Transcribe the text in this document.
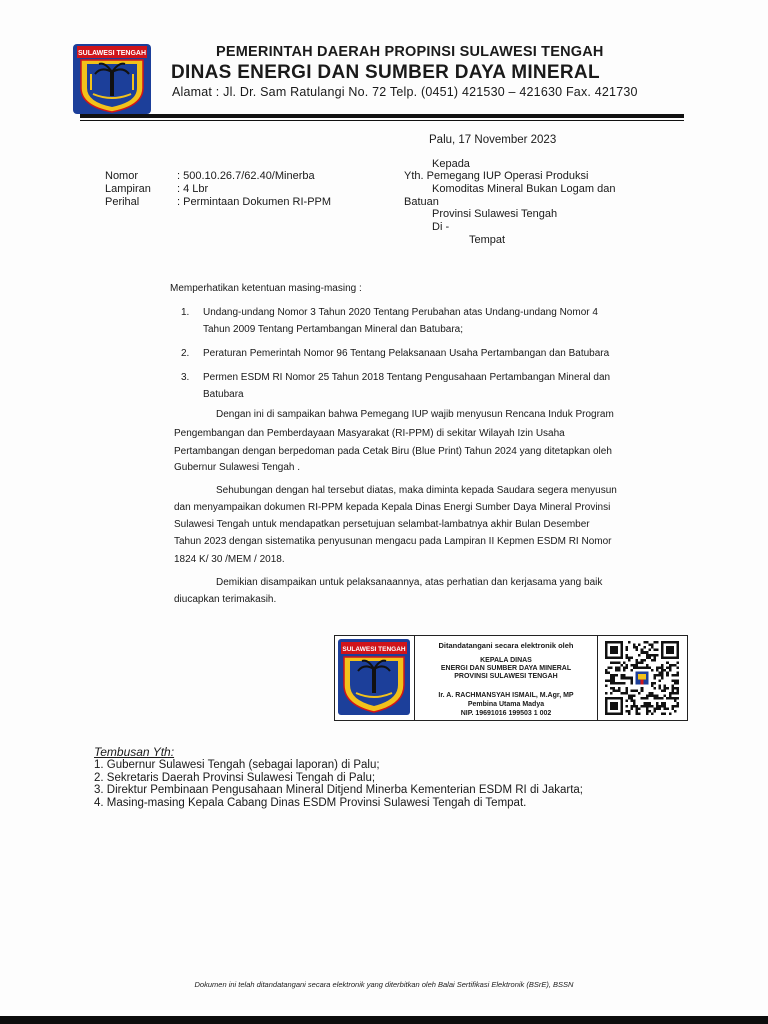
SULAWESI TENGAH	PEMERINTAH DAERAH PROPINSI SULAWESI TENGAH
DINAS ENERGI DAN SUMBER DAYA MINERAL
Alamat : Jl. Dr. Sam Ratulangi No. 72 Telp. (0451) 421530 – 421630 Fax. 421730
Palu, 17 November 2023
Nomor	: 500.10.26.7/62.40/Minerba
Lampiran : 4 Lbr
Perihal	: Permintaan Dokumen RI-PPM
Kepada
Yth. Pemegang IUP Operasi Produksi
Komoditas Mineral Bukan Logam dan
Batuan
Provinsi Sulawesi Tengah
Di -
Tempat
Memperhatikan ketentuan masing-masing :
1. Undang-undang Nomor 3 Tahun 2020 Tentang Perubahan atas Undang-undang Nomor 4
Tahun 2009 Tentang Pertambangan Mineral dan Batubara;
2. Peraturan Pemerintah Nomor 96 Tentang Pelaksanaan Usaha Pertambangan dan Batubara
3. Permen ESDM RI Nomor 25 Tahun 2018 Tentang Pengusahaan Pertambangan Mineral dan
Batubara
Dengan ini di sampaikan bahwa Pemegang IUP wajib menyusun Rencana Induk Program
Pengembangan dan Pemberdayaan Masyarakat (RI-PPM) di sekitar Wilayah Izin Usaha
Pertambangan dengan berpedoman pada Cetak Biru (Blue Print) Tahun 2024 yang ditetapkan oleh
Gubernur Sulawesi Tengah .
Sehubungan dengan hal tersebut diatas, maka diminta kepada Saudara segera menyusun
dan menyampaikan dokumen RI-PPM kepada Kepala Dinas Energi Sumber Daya Mineral Provinsi
Sulawesi Tengah untuk mendapatkan persetujuan selambat-lambatnya akhir Bulan Desember
Tahun 2023 dengan sistematika penyusunan mengacu pada Lampiran II Kepmen ESDM RI Nomor
1824 K/ 30 /MEM / 2018.
Demikian disampaikan untuk pelaksanaannya, atas perhatian dan kerjasama yang baik
diucapkan terimakasih.
SULAWESI TENGAH	Ditandatangani secara elektronik oleh
KEPALA DINAS
ENERGI DAN SUMBER DAYA MINERAL
PROVINSI SULAWESI TENGAH
Ir. A. RACHMANSYAH ISMAIL, M.Agr, MP
Pembina Utama Madya
NIP. 19691016 199503 1 002
Tembusan Yth:
1. Gubernur Sulawesi Tengah (sebagai laporan) di Palu;
2. Sekretaris Daerah Provinsi Sulawesi Tengah di Palu;
3. Direktur Pembinaan Pengusahaan Mineral Ditjend Minerba Kementerian ESDM RI di Jakarta;
4. Masing-masing Kepala Cabang Dinas ESDM Provinsi Sulawesi Tengah di Tempat.
Dokumen ini telah ditandatangani secara elektronik yang diterbitkan oleh Balai Sertifikasi Elektronik (BSrE), BSSN
